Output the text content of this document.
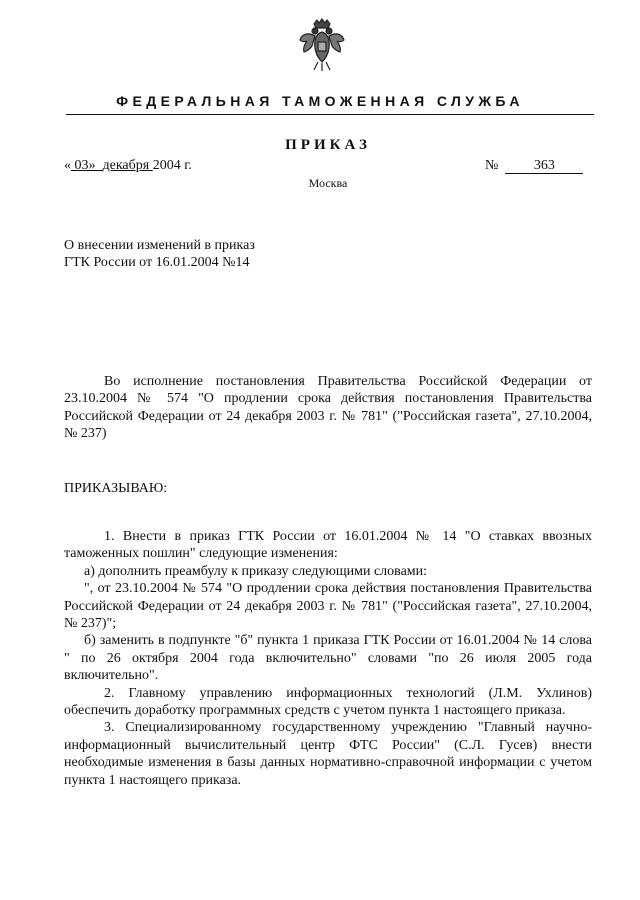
ФЕДЕРАЛЬНАЯ ТАМОЖЕННАЯ СЛУЖБА
ПРИКАЗ
« 03» декабря 2004 г.	№	363
Москва
О внесении изменений в приказ
ГТК России от 16.01.2004 №14

Во исполнение постановления Правительства Российской Федерации от 23.10.2004 № 574 "О продлении срока действия постановления Правительства Российской Федерации от 24 декабря 2003 г. № 781" ("Российская газета", 27.10.2004, № 237)

ПРИКАЗЫВАЮ:

1. Внести в приказ ГТК России от 16.01.2004 № 14 "О ставках ввозных таможенных пошлин" следующие изменения:

а) дополнить преамбулу к приказу следующими словами:

", от 23.10.2004 № 574 "О продлении срока действия постановления Правительства Российской Федерации от 24 декабря 2003 г. № 781" ("Российская газета", 27.10.2004, № 237)";

б) заменить в подпункте "б" пункта 1 приказа ГТК России от 16.01.2004 № 14 слова " по 26 октября 2004 года включительно" словами "по 26 июля 2005 года включительно".

2. Главному управлению информационных технологий (Л.М. Ухлинов) обеспечить доработку программных средств с учетом пункта 1 настоящего приказа.

3. Специализированному государственному учреждению "Главный научно-информационный вычислительный центр ФТС России" (С.Л. Гусев) внести необходимые изменения в базы данных нормативно-справочной информации с учетом пункта 1 настоящего приказа.
